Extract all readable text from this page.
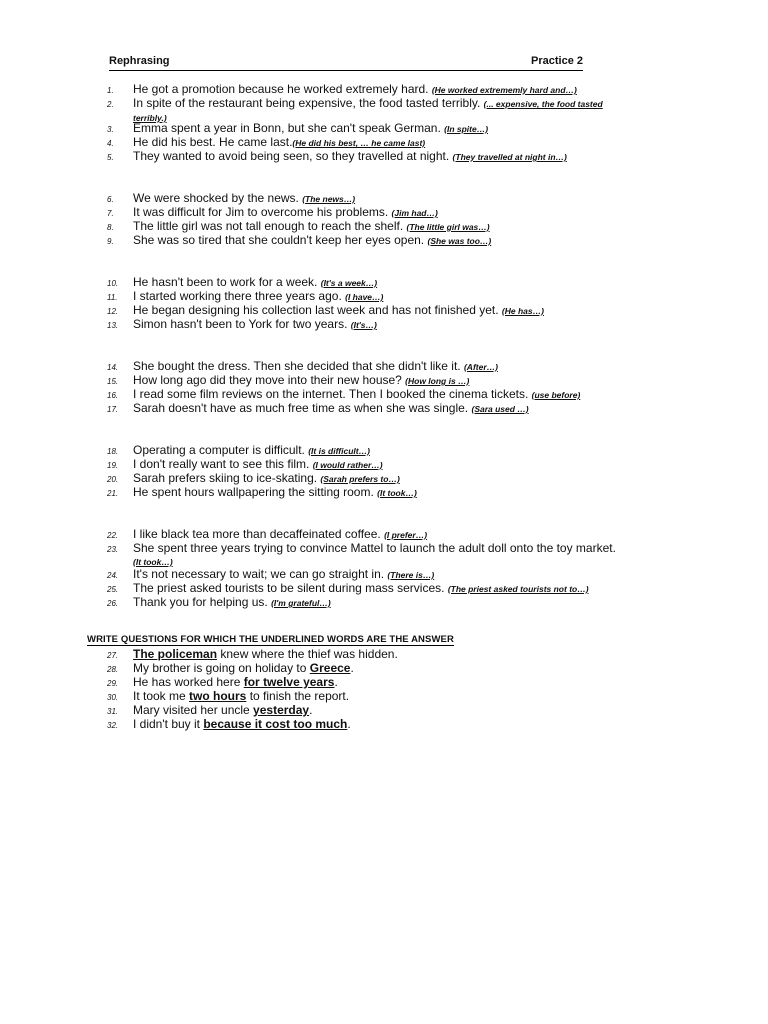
Rephrasing	Practice 2
1.	He got a promotion because he worked extremely hard. (He worked extrememly hard and…)
2.	In spite of the restaurant being expensive, the food tasted terribly. (... expensive, the food tasted
terribly.)
3.	Emma spent a year in Bonn, but she can't speak German. (In spite…)
4.	He did his best. He came last.(He did his best, … he came last)
5.	They wanted to avoid being seen, so they travelled at night. (They travelled at night in…)
6.	We were shocked by the news. (The news…)
7.	It was difficult for Jim to overcome his problems. (Jim had…)
8.	The little girl was not tall enough to reach the shelf. (The little girl was…)
9.	She was so tired that she couldn't keep her eyes open. (She was too…)
10.	He hasn't been to work for a week. (It's a week…)
11.	I started working there three years ago. (I have…)
12.	He began designing his collection last week and has not finished yet. (He has…)
13.	Simon hasn't been to York for two years. (It's…)
14.	She bought the dress. Then she decided that she didn't like it. (After…)
15.	How long ago did they move into their new house? (How long is …)
16.	I read some film reviews on the internet. Then I booked the cinema tickets. (use before)
17.	Sarah doesn't have as much free time as when she was single. (Sara used …)
18.	Operating a computer is difficult. (It is difficult…)
19.	I don't really want to see this film. (I would rather…)
20.	Sarah prefers skiing to ice-skating. (Sarah prefers to…)
21.	He spent hours wallpapering the sitting room. (It took…)
22.	I like black tea more than decaffeinated coffee. (I prefer…)
23.	She spent three years trying to convince Mattel to launch the adult doll onto the toy market.
(It took…)
24.	It's not necessary to wait; we can go straight in. (There is…)
25.	The priest asked tourists to be silent during mass services. (The priest asked tourists not to…)
26.	Thank you for helping us. (I'm grateful…)
WRITE QUESTIONS FOR WHICH THE UNDERLINED WORDS ARE THE ANSWER
27.	The policeman knew where the thief was hidden.
28.	My brother is going on holiday to Greece.
29.	He has worked here for twelve years.
30.	It took me two hours to finish the report.
31.	Mary visited her uncle yesterday.
32.	I didn't buy it because it cost too much.
